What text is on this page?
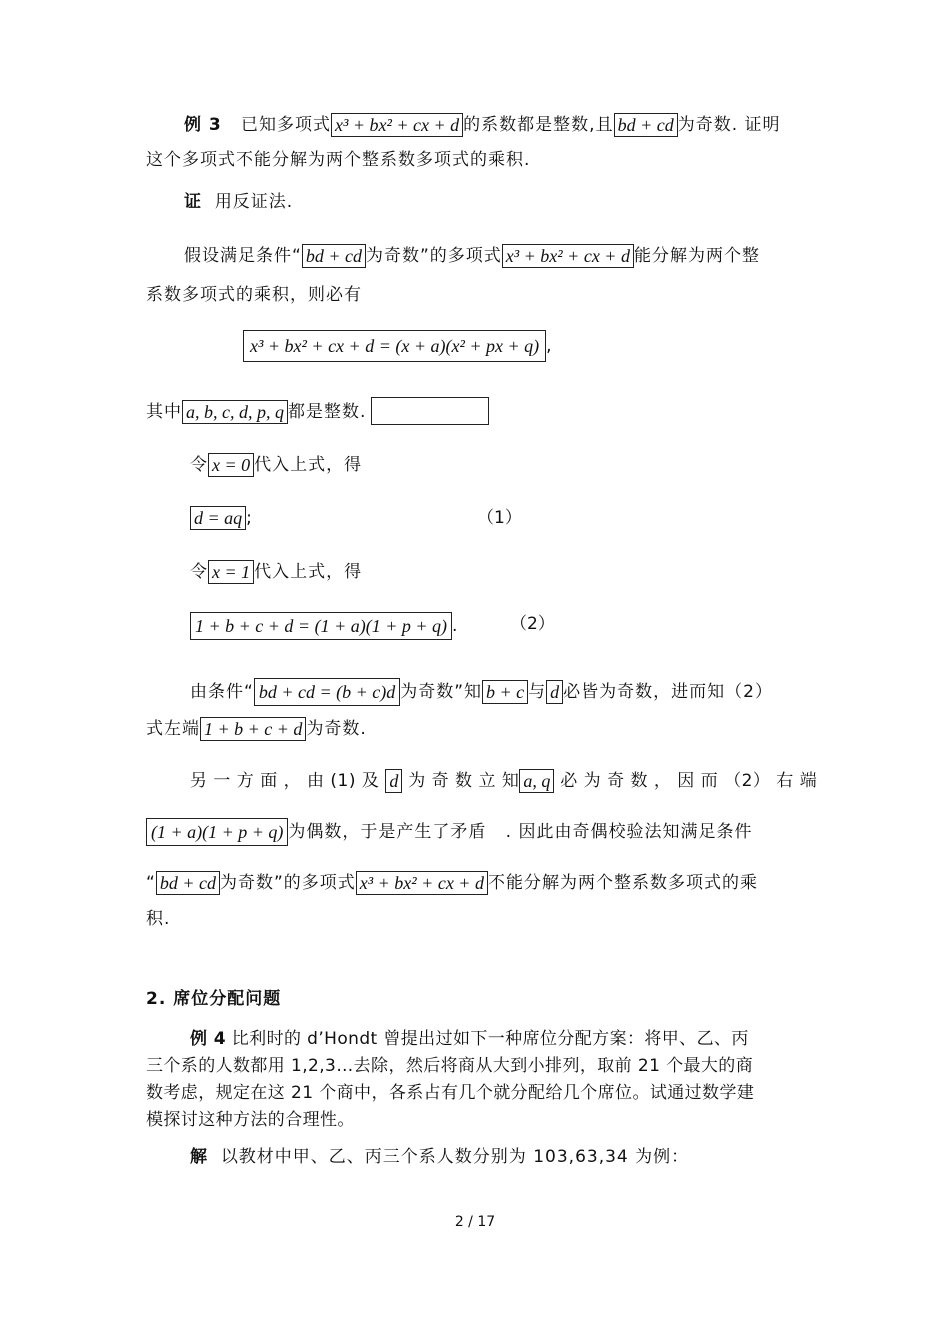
例 3 已知多项式 x³ + bx² + cx + d 的系数都是整数,且 bd + cd 为奇数. 证明
这个多项式不能分解为两个整系数多项式的乘积.
证 用反证法.
假设满足条件“ bd + cd 为奇数”的多项式 x³ + bx² + cx + d 能分解为两个整
系数多项式的乘积，则必有
x³ + bx² + cx + d = (x + a)(x² + px + q) ,
其中 a, b, c, d, p, q 都是整数.
令 x = 0 代入上式，得
d = aq ;	（1）
令 x = 1 代入上式，得
1 + b + c + d = (1 + a)(1 + p + q) .	（2）
由条件“ bd + cd = (b + c)d 为奇数”知 b + c 与 d 必皆为奇数，进而知（2）
式左端 1 + b + c + d 为奇数.
另 一 方 面 ， 由 (1) 及 d 为 奇 数 立 知 a, q 必 为 奇 数 ， 因 而 （2） 右 端
(1 + a)(1 + p + q) 为偶数，于是产生了矛盾 . 因此由奇偶校验法知满足条件
“ bd + cd 为奇数”的多项式 x³ + bx² + cx + d 不能分解为两个整系数多项式的乘
积.
2. 席位分配问题
例 4 比利时的 d’Hondt 曾提出过如下一种席位分配方案：将甲、乙、丙
三个系的人数都用 1,2,3…去除，然后将商从大到小排列，取前 21 个最大的商
数考虑，规定在这 21 个商中，各系占有几个就分配给几个席位。试通过数学建
模探讨这种方法的合理性。
解 以教材中甲、乙、丙三个系人数分别为 103,63,34 为例：
2 / 17
